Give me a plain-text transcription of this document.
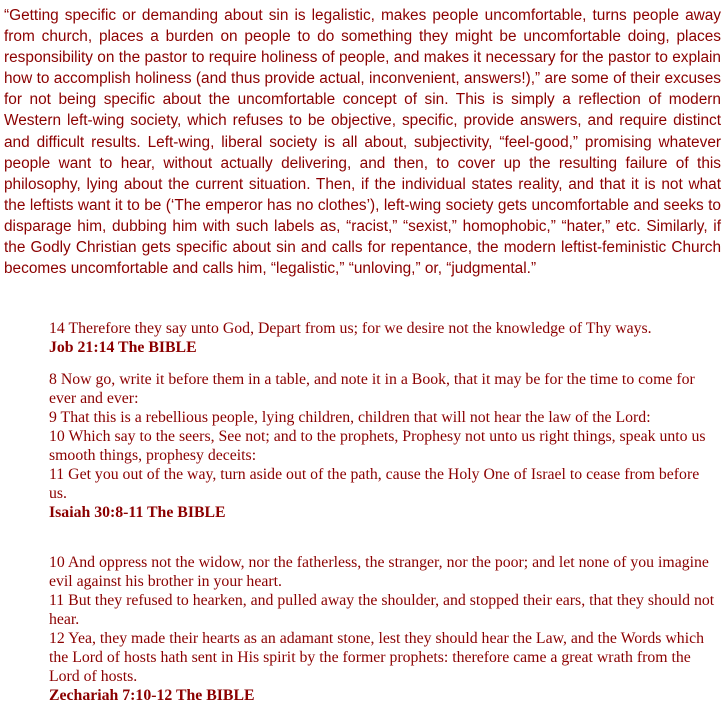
“Getting specific or demanding about sin is legalistic, makes people uncomfortable, turns people away from church, places a burden on people to do something they might be uncomfortable doing, places responsibility on the pastor to require holiness of people, and makes it necessary for the pastor to explain how to accomplish holiness (and thus provide actual, inconvenient, answers!),” are some of their excuses for not being specific about the uncomfortable concept of sin. This is simply a reflection of modern Western left-wing society, which refuses to be objective, specific, provide answers, and require distinct and difficult results. Left-wing, liberal society is all about, subjectivity, “feel-good,” promising whatever people want to hear, without actually delivering, and then, to cover up the resulting failure of this philosophy, lying about the current situation. Then, if the individual states reality, and that it is not what the leftists want it to be (‘The emperor has no clothes’), left-wing society gets uncomfortable and seeks to disparage him, dubbing him with such labels as, “racist,” “sexist,” homophobic,” “hater,” etc. Similarly, if the Godly Christian gets specific about sin and calls for repentance, the modern leftist-feministic Church becomes uncomfortable and calls him, “legalistic,” “unloving,” or, “judgmental.”

14 Therefore they say unto God, Depart from us; for we desire not the knowledge of Thy ways.

Job 21:14 The BIBLE

8 Now go, write it before them in a table, and note it in a Book, that it may be for the time to come for ever and ever:

9 That this is a rebellious people, lying children, children that will not hear the law of the Lord:

10 Which say to the seers, See not; and to the prophets, Prophesy not unto us right things, speak unto us smooth things, prophesy deceits:

11 Get you out of the way, turn aside out of the path, cause the Holy One of Israel to cease from before us.

Isaiah 30:8-11 The BIBLE

10 And oppress not the widow, nor the fatherless, the stranger, nor the poor; and let none of you imagine evil against his brother in your heart.

11 But they refused to hearken, and pulled away the shoulder, and stopped their ears, that they should not hear.

12 Yea, they made their hearts as an adamant stone, lest they should hear the Law, and the Words which the Lord of hosts hath sent in His spirit by the former prophets: therefore came a great wrath from the Lord of hosts.

Zechariah 7:10-12 The BIBLE
